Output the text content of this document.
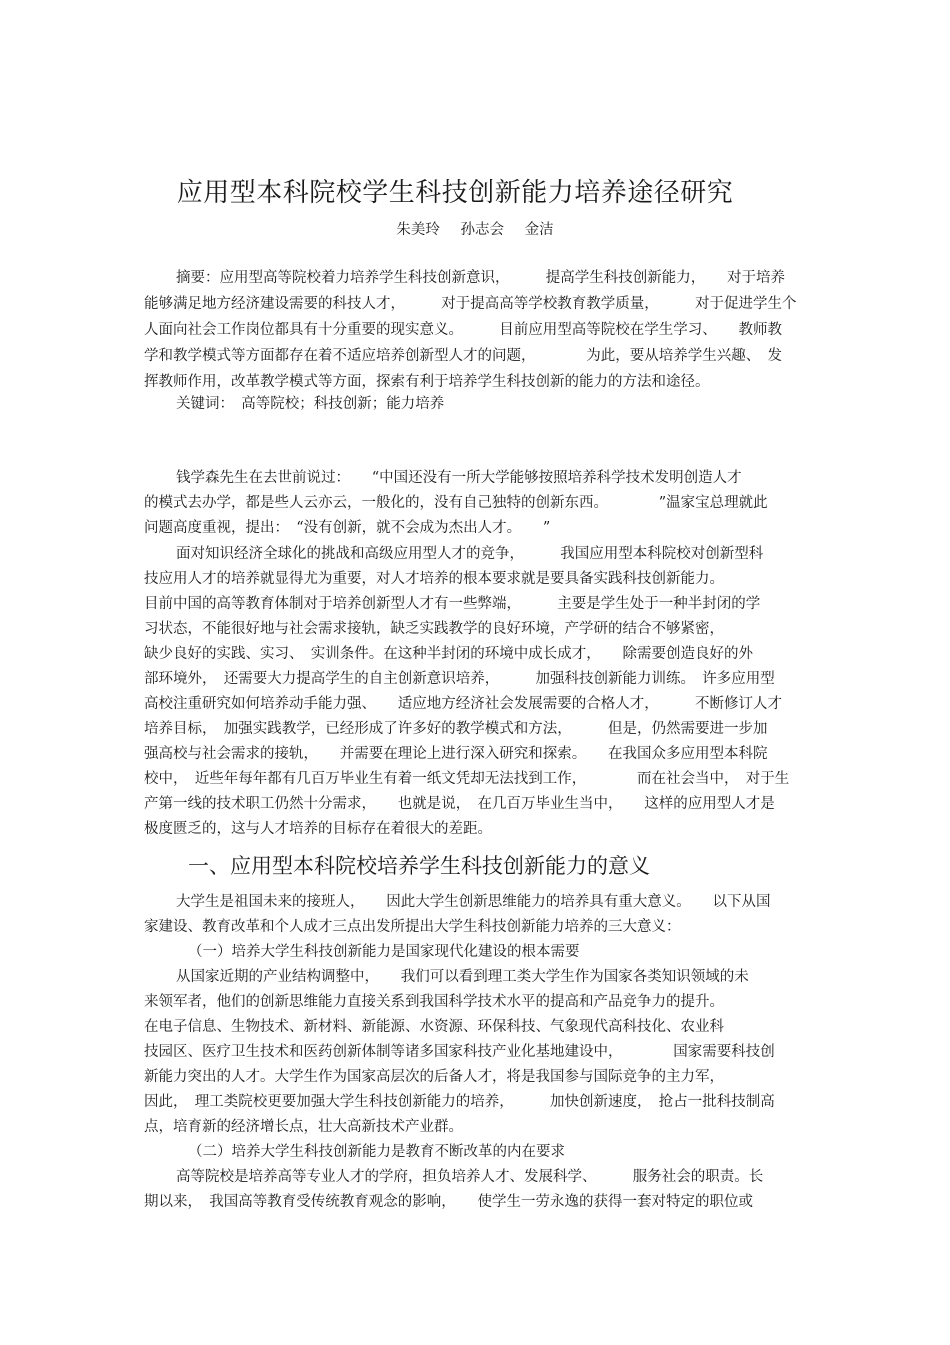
应用型本科院校学生科技创新能力培养途径研究

朱美玲 孙志会 金洁

摘要：应用型高等院校着力培养学生科技创新意识，　　　提高学生科技创新能力，　　对于培养

能够满足地方经济建设需要的科技人才，　　　对于提高高等学校教育教学质量，　　　对于促进学生个

人面向社会工作岗位都具有十分重要的现实意义。　　　目前应用型高等院校在学生学习、　　教师教

学和教学模式等方面都存在着不适应培养创新型人才的问题，　　　　为此，要从培养学生兴趣、　发

挥教师作用，改革教学模式等方面，探索有利于培养学生科技创新的能力的方法和途径。

关键词：　高等院校；科技创新；能力培养

钱学森先生在去世前说过：　　“中国还没有一所大学能够按照培养科学技术发明创造人才

的模式去办学，都是些人云亦云，一般化的，没有自己独特的创新东西。　　　　”温家宝总理就此

问题高度重视，提出：　“没有创新，就不会成为杰出人才。　　”

面对知识经济全球化的挑战和高级应用型人才的竞争，　　　我国应用型本科院校对创新型科

技应用人才的培养就显得尤为重要，对人才培养的根本要求就是要具备实践科技创新能力。

目前中国的高等教育体制对于培养创新型人才有一些弊端，　　　主要是学生处于一种半封闭的学

习状态，不能很好地与社会需求接轨，缺乏实践教学的良好环境，产学研的结合不够紧密，

缺少良好的实践、实习、　实训条件。在这种半封闭的环境中成长成才，　　除需要创造良好的外

部环境外，　还需要大力提高学生的自主创新意识培养，　　　加强科技创新能力训练。　许多应用型

高校注重研究如何培养动手能力强、　　适应地方经济社会发展需要的合格人才，　　　不断修订人才

培养目标，　加强实践教学，已经形成了许多好的教学模式和方法，　　　但是，仍然需要进一步加

强高校与社会需求的接轨，　　并需要在理论上进行深入研究和探索。　　在我国众多应用型本科院

校中，　近些年每年都有几百万毕业生有着一纸文凭却无法找到工作，　　　　而在社会当中，　对于生

产第一线的技术职工仍然十分需求，　　也就是说，　在几百万毕业生当中，　　这样的应用型人才是

极度匮乏的，这与人才培养的目标存在着很大的差距。

一、应用型本科院校培养学生科技创新能力的意义

大学生是祖国未来的接班人，　　因此大学生创新思维能力的培养具有重大意义。　　以下从国

家建设、教育改革和个人成才三点出发所提出大学生科技创新能力培养的三大意义：

（一）培养大学生科技创新能力是国家现代化建设的根本需要

从国家近期的产业结构调整中，　　我们可以看到理工类大学生作为国家各类知识领域的未

来领军者，他们的创新思维能力直接关系到我国科学技术水平的提高和产品竞争力的提升。

在电子信息、生物技术、新材料、新能源、水资源、环保科技、气象现代高科技化、农业科

技园区、医疗卫生技术和医药创新体制等诸多国家科技产业化基地建设中，　　　　国家需要科技创

新能力突出的人才。大学生作为国家高层次的后备人才，将是我国参与国际竞争的主力军，

因此，　理工类院校更要加强大学生科技创新能力的培养，　　　加快创新速度，　抢占一批科技制高

点，培育新的经济增长点，壮大高新技术产业群。

（二）培养大学生科技创新能力是教育不断改革的内在要求

高等院校是培养高等专业人才的学府，担负培养人才、发展科学、　　　服务社会的职责。长

期以来，　我国高等教育受传统教育观念的影响，　　使学生一劳永逸的获得一套对特定的职位或
